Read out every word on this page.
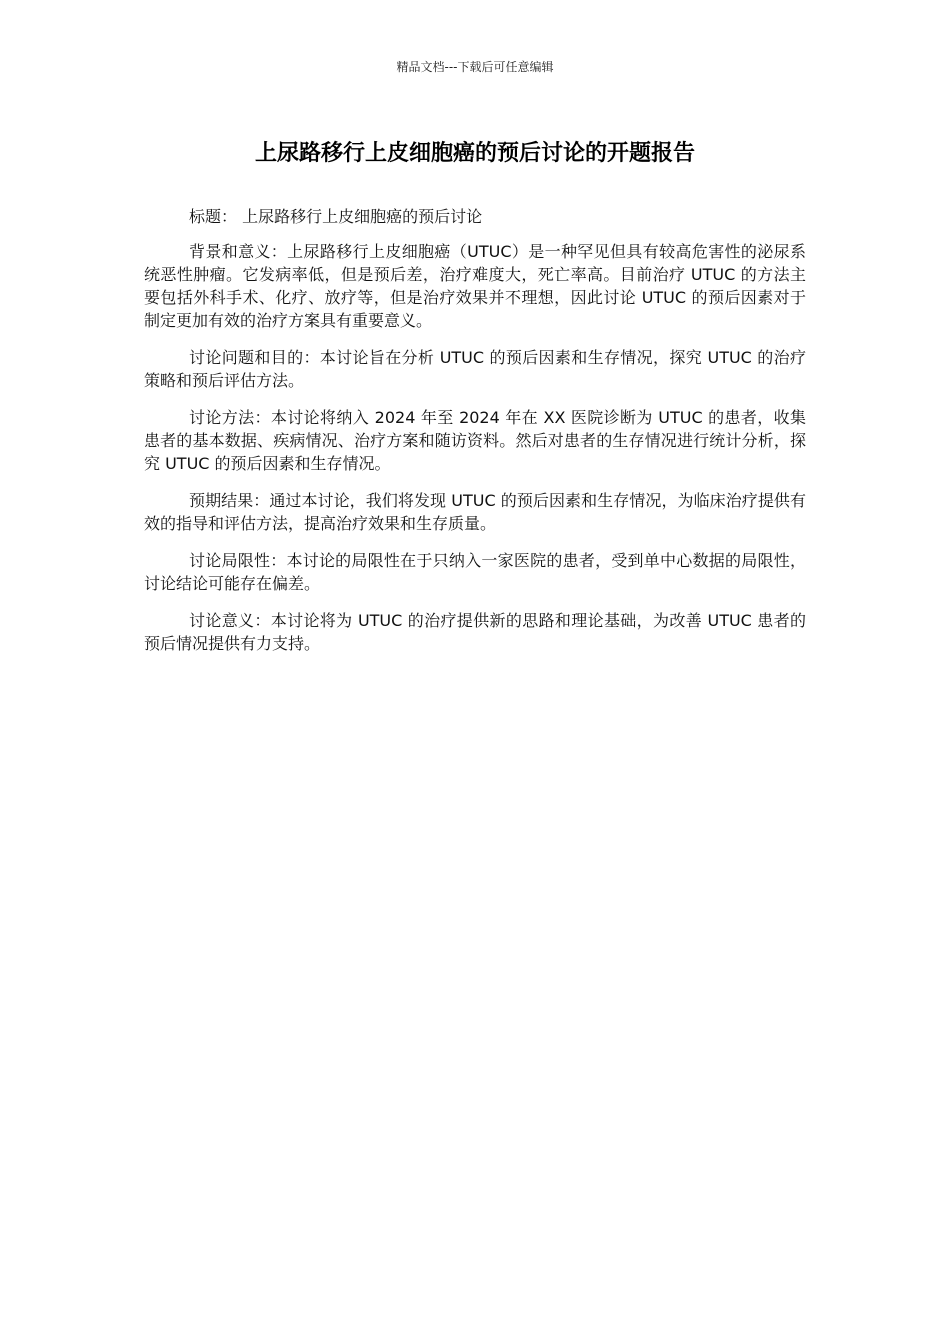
精品文档---下载后可任意编辑
上尿路移行上皮细胞癌的预后讨论的开题报告

标题： 上尿路移行上皮细胞癌的预后讨论

背景和意义：上尿路移行上皮细胞癌（UTUC）是一种罕见但具有较高危害性的泌尿系统恶性肿瘤。它发病率低，但是预后差，治疗难度大，死亡率高。目前治疗 UTUC 的方法主要包括外科手术、化疗、放疗等，但是治疗效果并不理想，因此讨论 UTUC 的预后因素对于制定更加有效的治疗方案具有重要意义。

讨论问题和目的：本讨论旨在分析 UTUC 的预后因素和生存情况，探究 UTUC 的治疗策略和预后评估方法。

讨论方法：本讨论将纳入 2024 年至 2024 年在 XX 医院诊断为 UTUC 的患者，收集患者的基本数据、疾病情况、治疗方案和随访资料。然后对患者的生存情况进行统计分析，探究 UTUC 的预后因素和生存情况。

预期结果：通过本讨论，我们将发现 UTUC 的预后因素和生存情况，为临床治疗提供有效的指导和评估方法，提高治疗效果和生存质量。

讨论局限性：本讨论的局限性在于只纳入一家医院的患者，受到单中心数据的局限性，讨论结论可能存在偏差。

讨论意义：本讨论将为 UTUC 的治疗提供新的思路和理论基础，为改善 UTUC 患者的预后情况提供有力支持。
